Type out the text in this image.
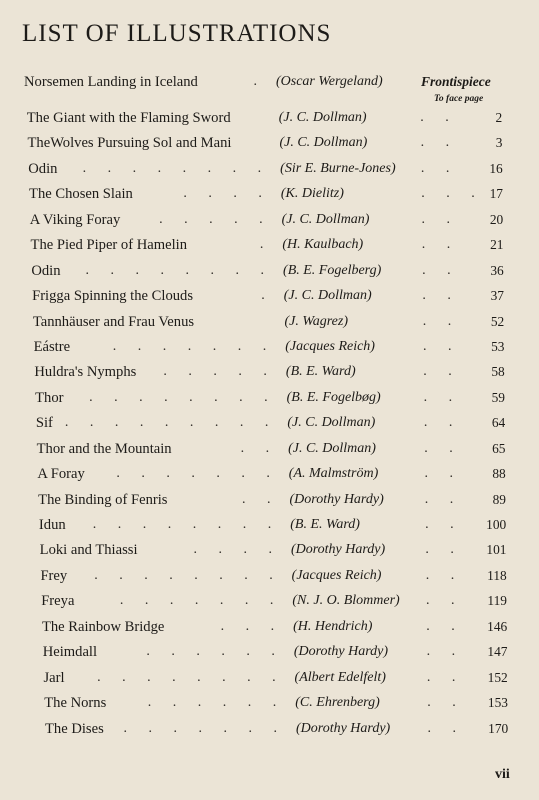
LIST OF ILLUSTRATIONS
To face page
Norsemen Landing in Iceland	. (Oscar Wergeland)	Frontispiece
The Giant with the Flaming Sword	(J. C. Dollman)	. .	2
TheWolves Pursuing Sol and Mani	(J. C. Dollman)	. .	3
Odin . . . . . . . . (Sir E. Burne-Jones) . .	16
The Chosen Slain	. . . . (K. Dielitz)	. . . 17
A Viking Foray	. . . . . (J. C. Dollman)	. .	20
The Pied Piper of Hamelin	. (H. Kaulbach)	. .	21
Odin . . . . . . . . (B. E. Fogelberg)	. .	36
Frigga Spinning the Clouds	. (J. C. Dollman)	. .	37
Tannhäuser and Frau Venus	(J. Wagrez)	. .	52
Eástre	. . . . . . . (Jacques Reich)	. .	53
Huldra's Nymphs . . . . . (B. E. Ward)	. .	58
Thor . . . . . . . . (B. E. Fogelbøg)	. .	59
Sif . . . . . . . . . (J. C. Dollman)	. .	64
Thor and the Mountain	. . (J. C. Dollman)	. .	65
A Foray . . . . . . . (A. Malmström)	. .	88
The Binding of Fenris	. . (Dorothy Hardy)	. .	89
Idun . . . . . . . . (B. E. Ward)	. .	100
Loki and Thiassi	. . . . (Dorothy Hardy)	. .	101
Frey . . . . . . . . (Jacques Reich)	. .	118
Freya	. . . . . . . (N. J. O. Blommer) . .	119
The Rainbow Bridge	. . . (H. Hendrich)	. .	146
Heimdall	. . . . . . (Dorothy Hardy)	. .	147
Jarl . . . . . . . . (Albert Edelfelt)	. .	152
The Norns	. . . . . . (C. Ehrenberg)	. .	153
The Dises . . . . . . . (Dorothy Hardy)	. .	170
vii
